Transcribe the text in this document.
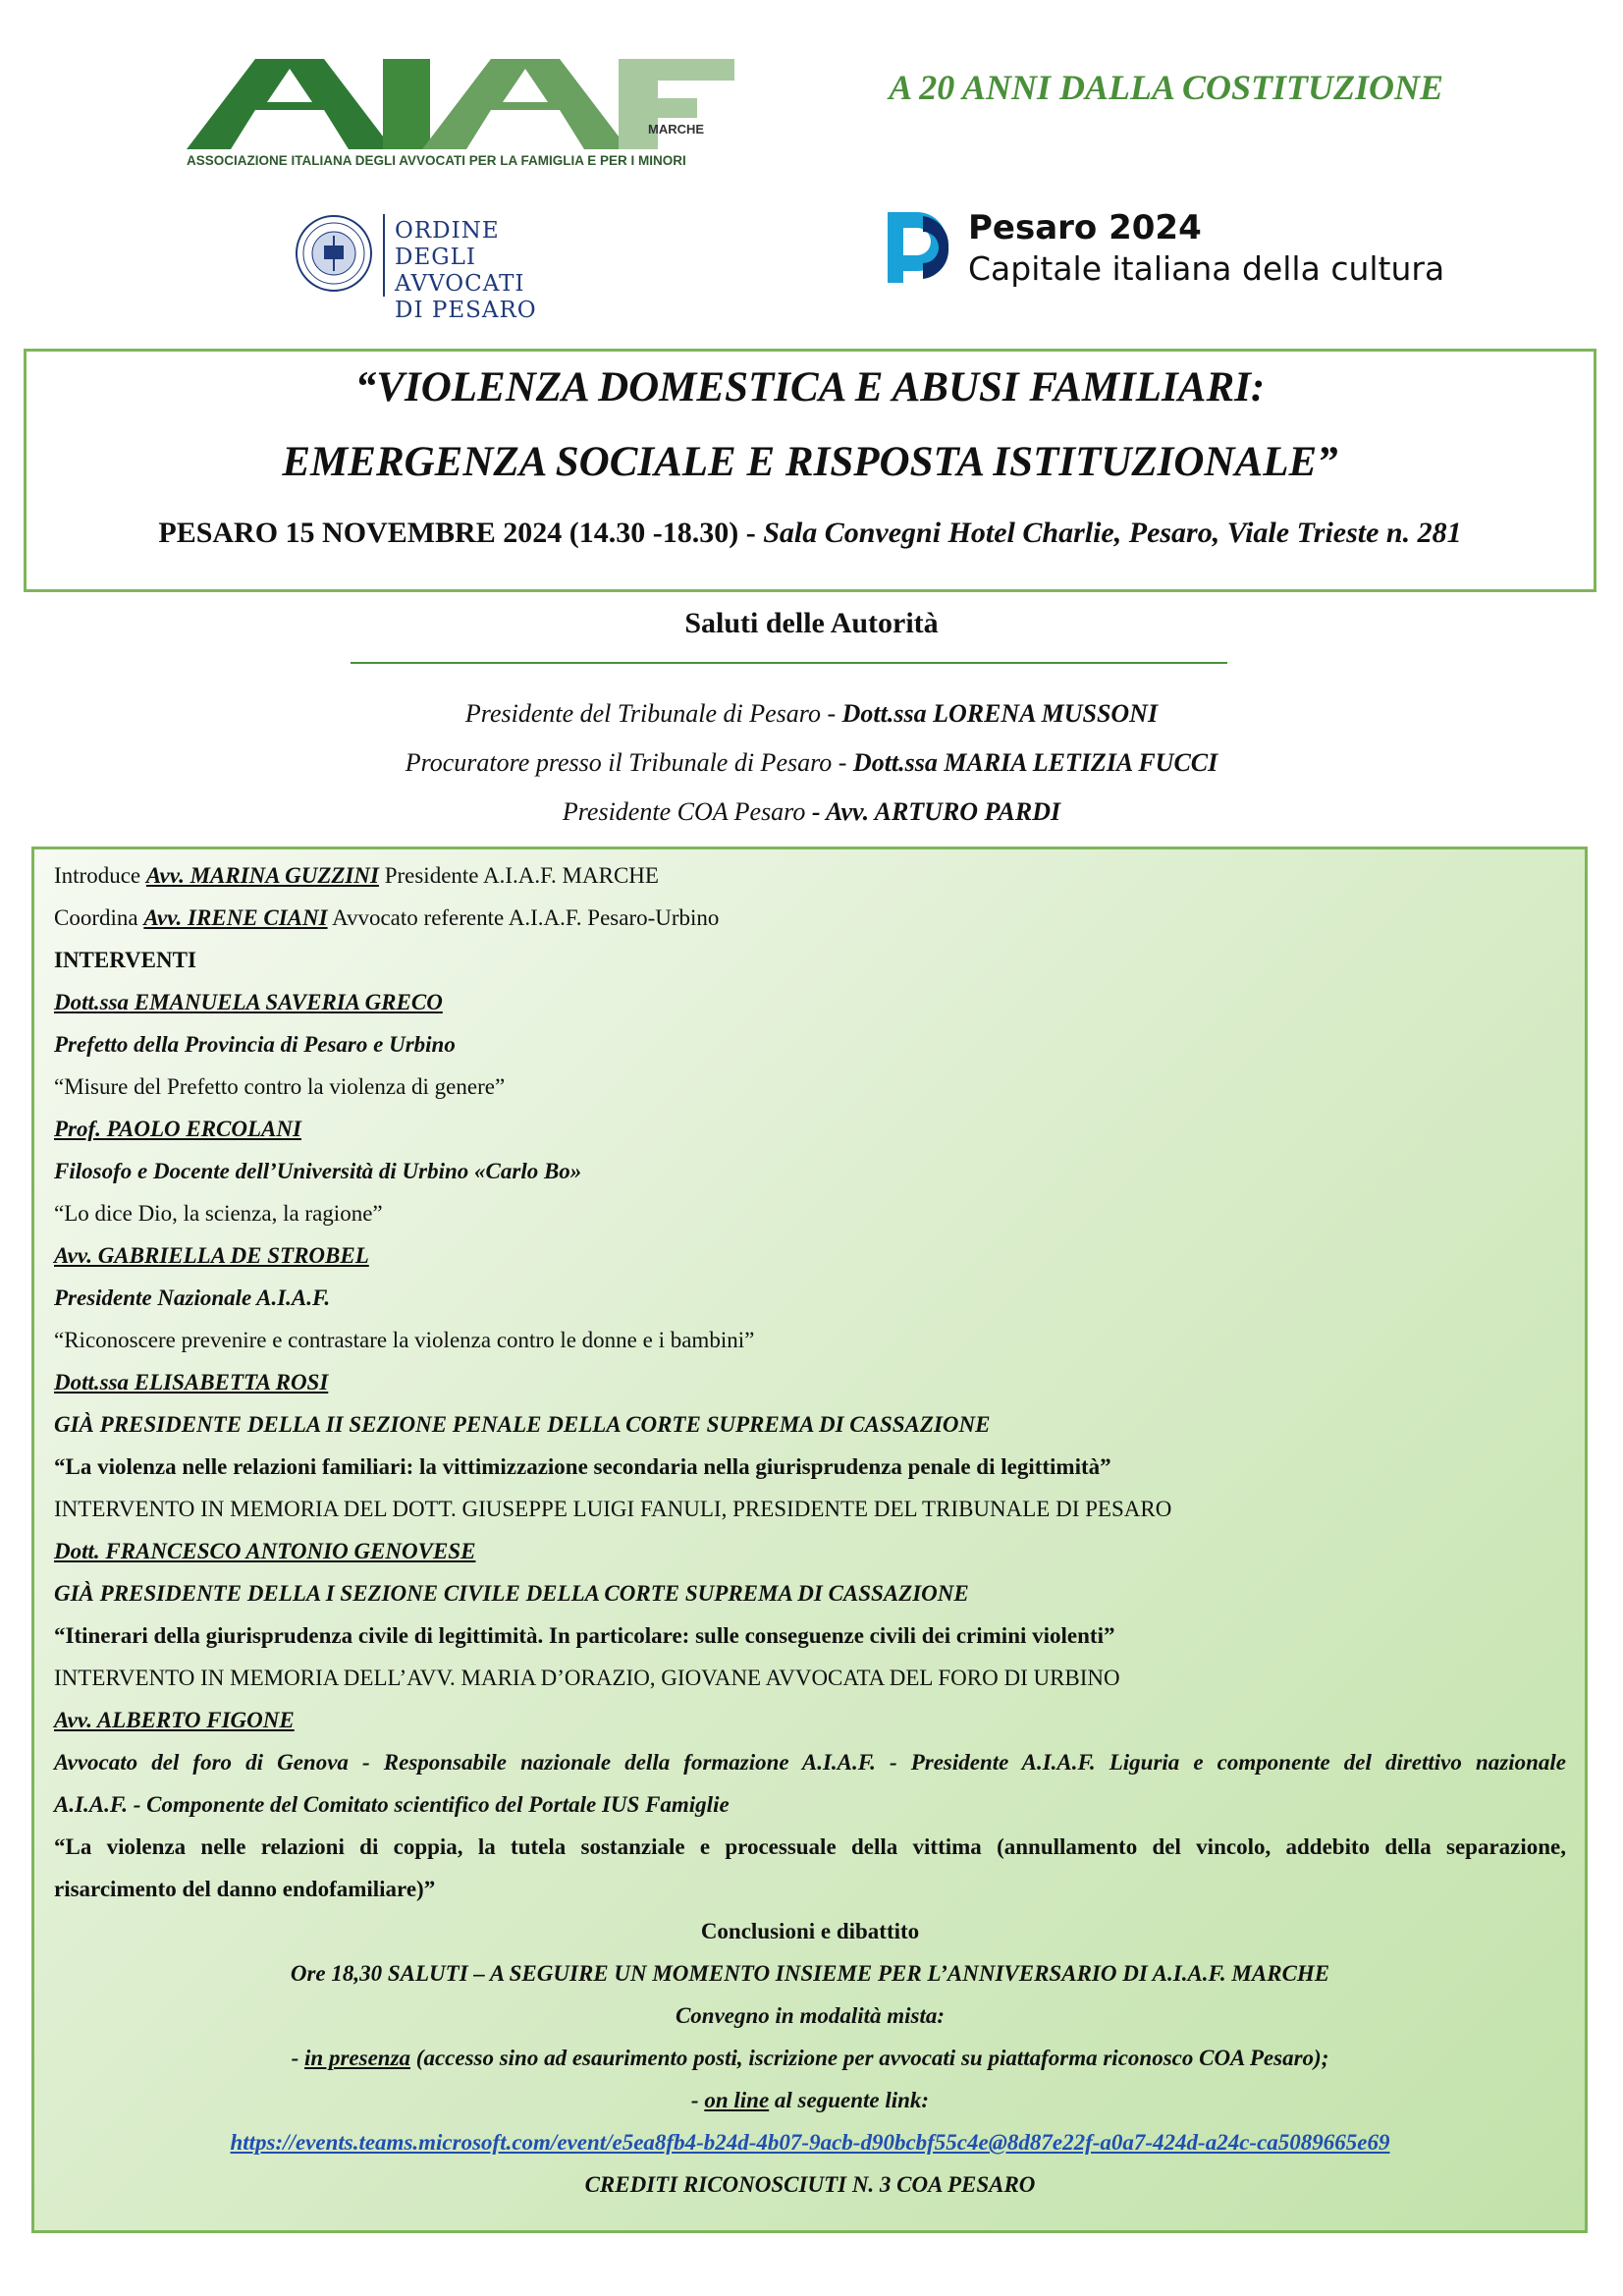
MARCHE
ASSOCIAZIONE ITALIANA DEGLI AVVOCATI PER LA FAMIGLIA E PER I MINORI
A 20 ANNI DALLA COSTITUZIONE
ORDINE
DEGLI AVVOCATI
DI PESARO
Pesaro 2024
Capitale italiana della cultura
“VIOLENZA DOMESTICA E ABUSI FAMILIARI:
EMERGENZA SOCIALE E RISPOSTA ISTITUZIONALE”
PESARO 15 NOVEMBRE 2024 (14.30 -18.30) - Sala Convegni Hotel Charlie, Pesaro, Viale Trieste n. 281
Saluti delle Autorità
Presidente del Tribunale di Pesaro - Dott.ssa LORENA MUSSONI
Procuratore presso il Tribunale di Pesaro - Dott.ssa MARIA LETIZIA FUCCI
Presidente COA Pesaro - Avv. ARTURO PARDI
Introduce Avv. MARINA GUZZINI Presidente A.I.A.F. MARCHE
Coordina Avv. IRENE CIANI Avvocato referente A.I.A.F. Pesaro-Urbino
INTERVENTI
Dott.ssa EMANUELA SAVERIA GRECO
Prefetto della Provincia di Pesaro e Urbino
“Misure del Prefetto contro la violenza di genere”
Prof. PAOLO ERCOLANI
Filosofo e Docente dell’Università di Urbino «Carlo Bo»
“Lo dice Dio, la scienza, la ragione”
Avv. GABRIELLA DE STROBEL
Presidente Nazionale A.I.A.F.
“Riconoscere prevenire e contrastare la violenza contro le donne e i bambini”
Dott.ssa ELISABETTA ROSI
GIÀ PRESIDENTE DELLA II SEZIONE PENALE DELLA CORTE SUPREMA DI CASSAZIONE
“La violenza nelle relazioni familiari: la vittimizzazione secondaria nella giurisprudenza penale di legittimità”
INTERVENTO IN MEMORIA DEL DOTT. GIUSEPPE LUIGI FANULI, PRESIDENTE DEL TRIBUNALE DI PESARO
Dott. FRANCESCO ANTONIO GENOVESE
GIÀ PRESIDENTE DELLA I SEZIONE CIVILE DELLA CORTE SUPREMA DI CASSAZIONE
“Itinerari della giurisprudenza civile di legittimità. In particolare: sulle conseguenze civili dei crimini violenti”
INTERVENTO IN MEMORIA DELL’AVV. MARIA D’ORAZIO, GIOVANE AVVOCATA DEL FORO DI URBINO
Avv. ALBERTO FIGONE
Avvocato del foro di Genova - Responsabile nazionale della formazione A.I.A.F. - Presidente A.I.A.F. Liguria e componente del direttivo nazionale
A.I.A.F. - Componente del Comitato scientifico del Portale IUS Famiglie
“La violenza nelle relazioni di coppia, la tutela sostanziale e processuale della vittima (annullamento del vincolo, addebito della separazione,
risarcimento del danno endofamiliare)”
Conclusioni e dibattito
Ore 18,30 SALUTI – A SEGUIRE UN MOMENTO INSIEME PER L’ANNIVERSARIO DI A.I.A.F. MARCHE
Convegno in modalità mista:
- in presenza (accesso sino ad esaurimento posti, iscrizione per avvocati su piattaforma riconosco COA Pesaro);
- on line al seguente link:
https://events.teams.microsoft.com/event/e5ea8fb4-b24d-4b07-9acb-d90bcbf55c4e@8d87e22f-a0a7-424d-a24c-ca5089665e69
CREDITI RICONOSCIUTI N. 3 COA PESARO
